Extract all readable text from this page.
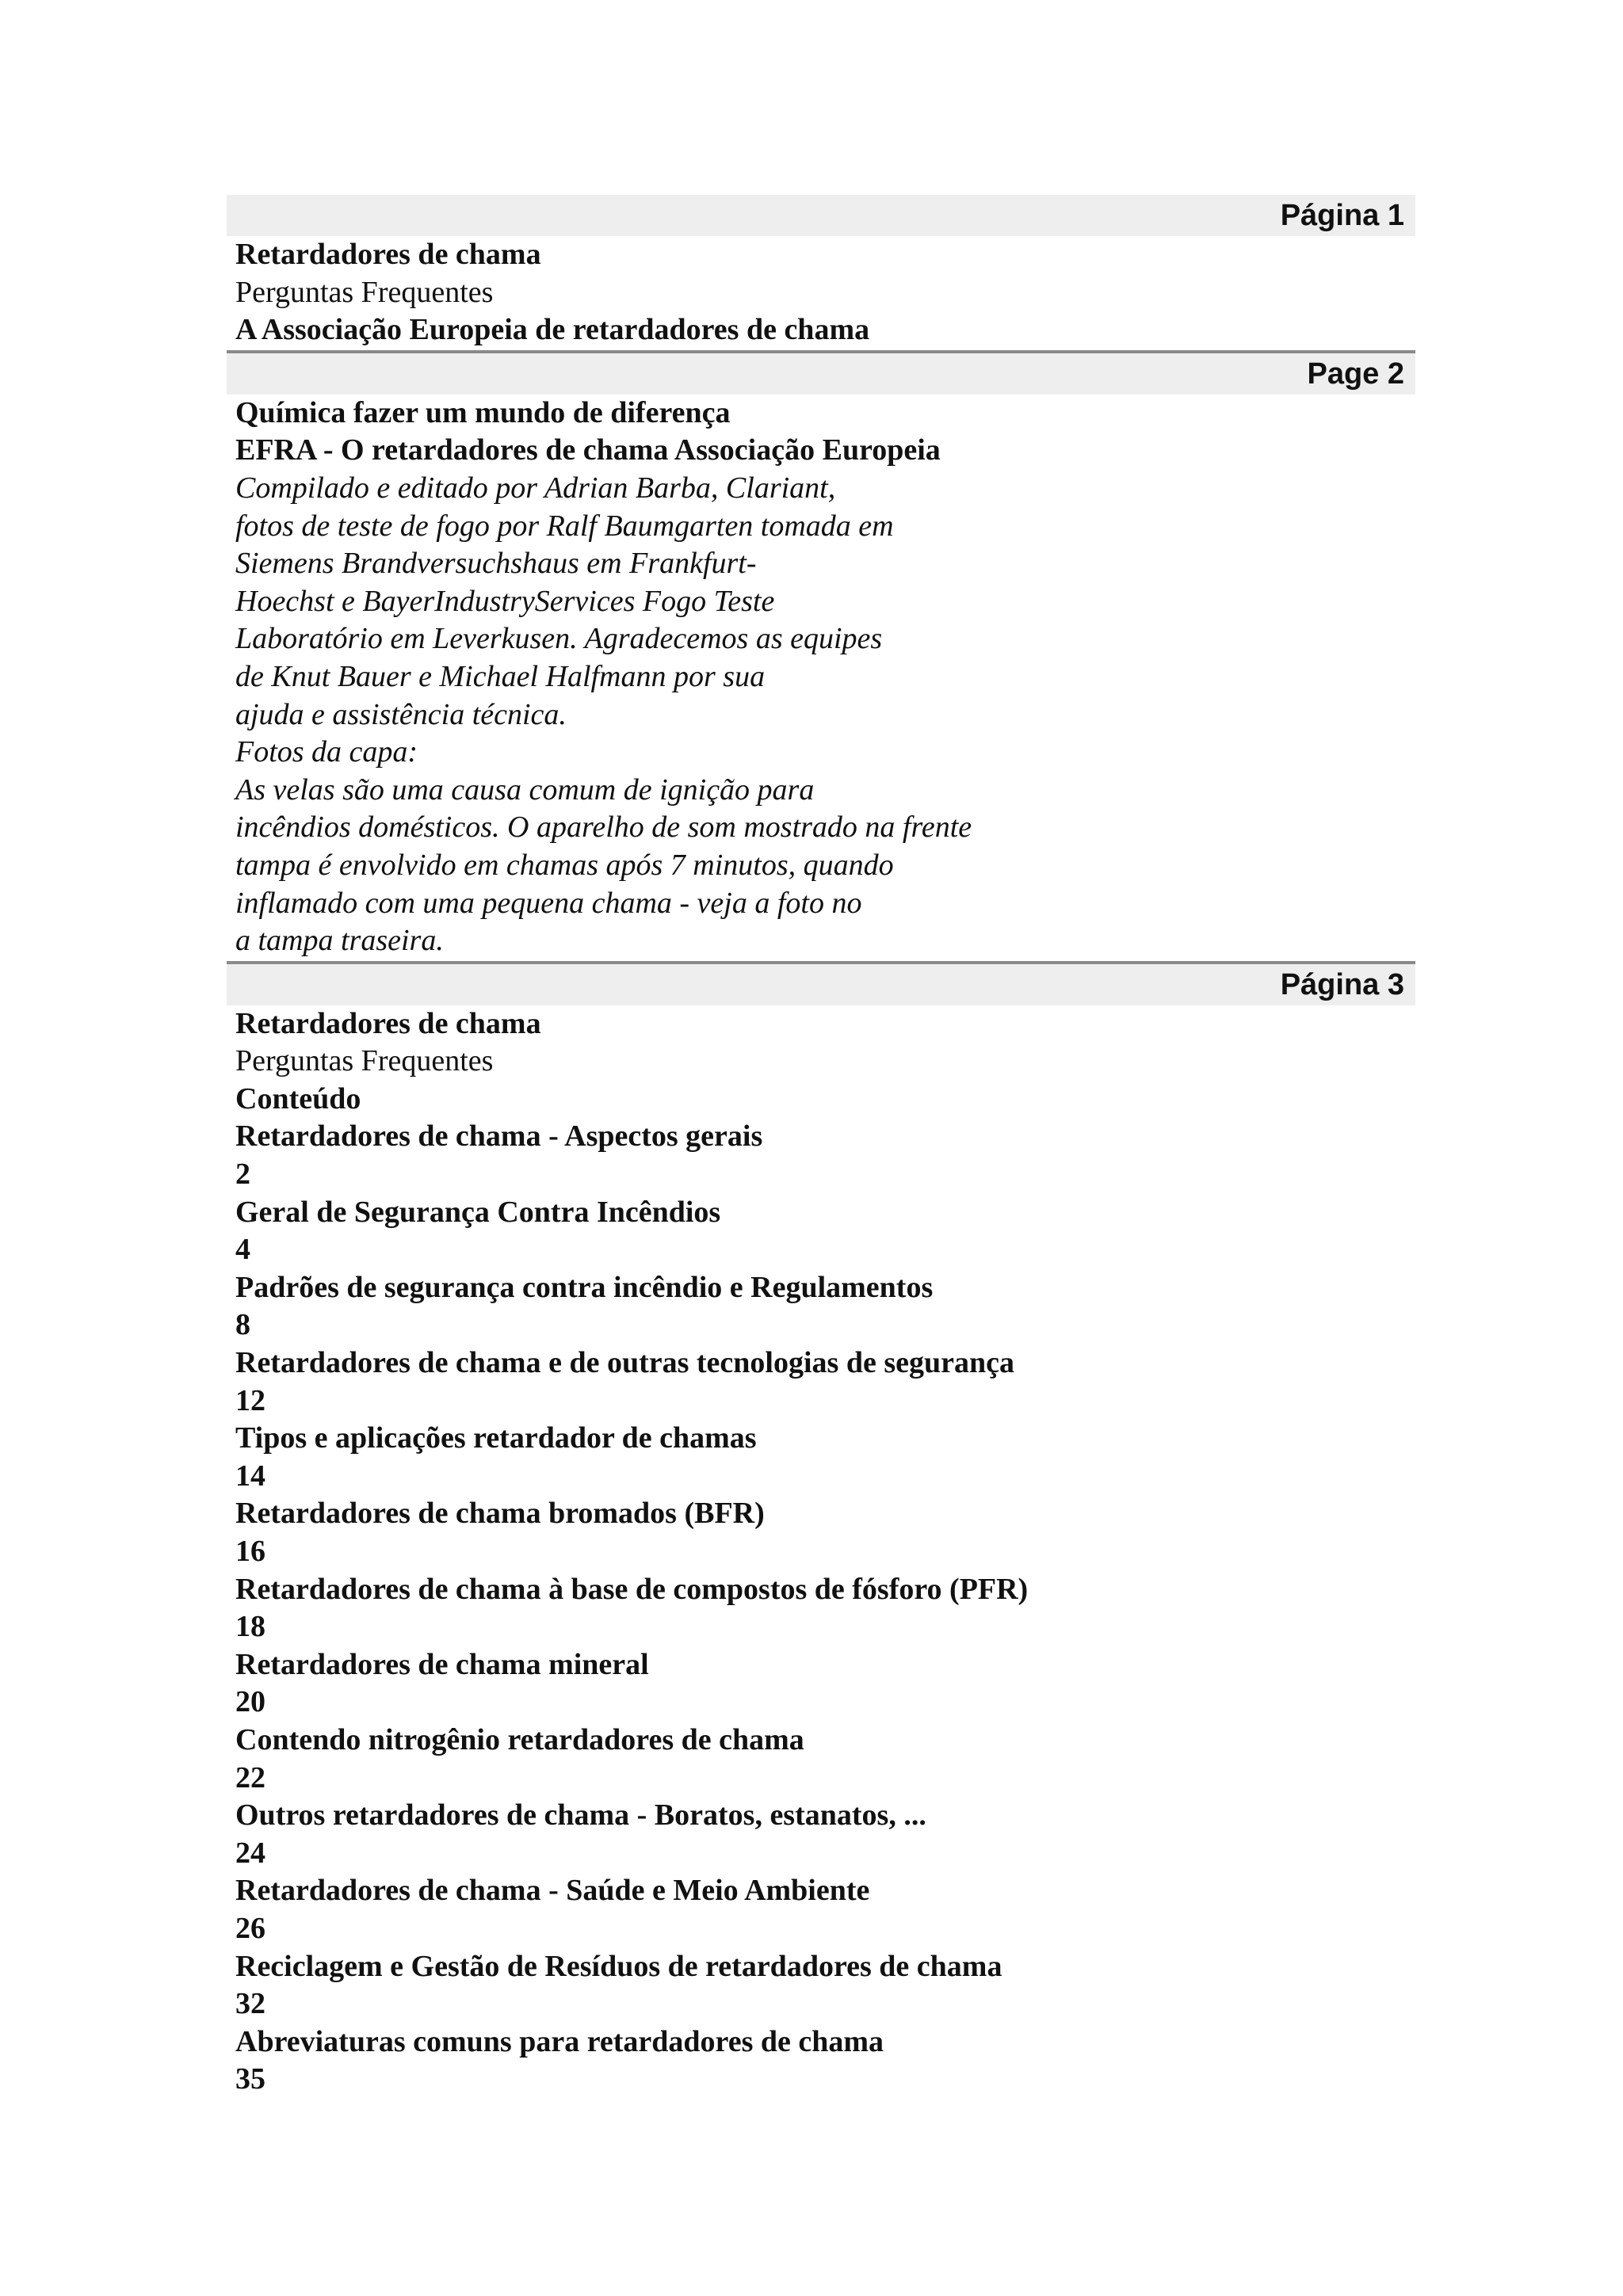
Página 1
Retardadores de chama
Perguntas Frequentes
A Associação Europeia de retardadores de chama
Page 2
Química fazer um mundo de diferença
EFRA - O retardadores de chama Associação Europeia
Compilado e editado por Adrian Barba, Clariant,
fotos de teste de fogo por Ralf Baumgarten tomada em
Siemens Brandversuchshaus em Frankfurt-
Hoechst e BayerIndustryServices Fogo Teste
Laboratório em Leverkusen. Agradecemos as equipes
de Knut Bauer e Michael Halfmann por sua
ajuda e assistência técnica.
Fotos da capa:
As velas são uma causa comum de ignição para
incêndios domésticos. O aparelho de som mostrado na frente
tampa é envolvido em chamas após 7 minutos, quando
inflamado com uma pequena chama - veja a foto no
a tampa traseira.
Página 3
Retardadores de chama
Perguntas Frequentes
Conteúdo
Retardadores de chama - Aspectos gerais
2
Geral de Segurança Contra Incêndios
4
Padrões de segurança contra incêndio e Regulamentos
8
Retardadores de chama e de outras tecnologias de segurança
12
Tipos e aplicações retardador de chamas
14
Retardadores de chama bromados (BFR)
16
Retardadores de chama à base de compostos de fósforo (PFR)
18
Retardadores de chama mineral
20
Contendo nitrogênio retardadores de chama
22
Outros retardadores de chama - Boratos, estanatos, ...
24
Retardadores de chama - Saúde e Meio Ambiente
26
Reciclagem e Gestão de Resíduos de retardadores de chama
32
Abreviaturas comuns para retardadores de chama
35
